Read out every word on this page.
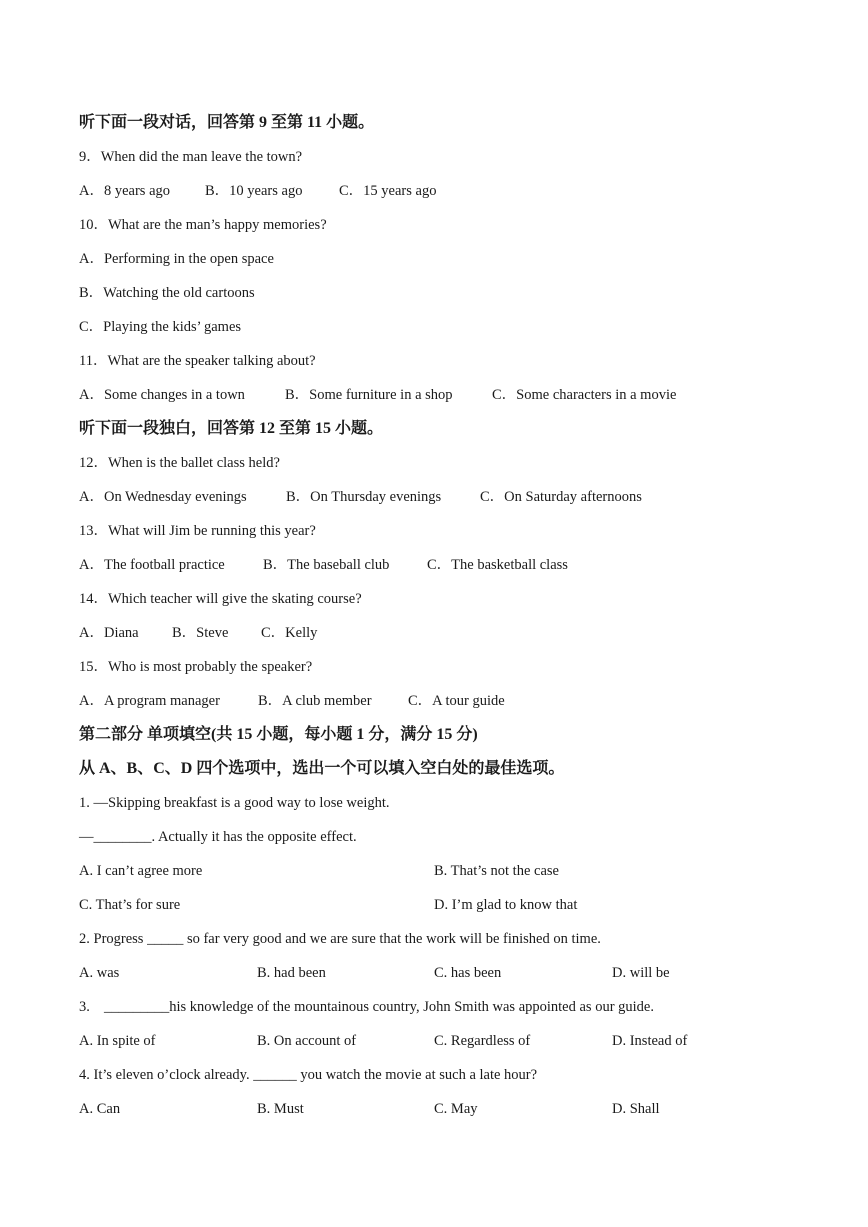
听下面一段对话，回答第 9 至第 11 小题。
9．When did the man leave the town?
A．8 years ago B．10 years ago	C．15 years ago
10．What are the man’s happy memories?
A．Performing in the open space
B．Watching the old cartoons
C．Playing the kids’ games
11．What are the speaker talking about?
A．Some changes in a town	B．Some furniture in a shop	C．Some characters in a movie
听下面一段独白，回答第 12 至第 15 小题。
12．When is the ballet class held?
A．On Wednesday evenings	B．On Thursday evenings	C．On Saturday afternoons
13．What will Jim be running this year?
A．The football practice	B．The baseball club	C．The basketball class
14．Which teacher will give the skating course?
A．Diana B．Steve C．Kelly
15．Who is most probably the speaker?
A．A program manager	B．A club member	C．A tour guide
第二部分 单项填空(共 15 小题，每小题 1 分，满分 15 分)
从 A、B、C、D 四个选项中，选出一个可以填入空白处的最佳选项。
1. —Skipping breakfast is a good way to lose weight.
—________. Actually it has the opposite effect.
A. I can’t agree more	B. That’s not the case
C. That’s for sure	D. I’m glad to know that
2. Progress _____ so far very good and we are sure that the work will be finished on time.
A. was	B. had been	C. has been	D. will be
3. _________his knowledge of the mountainous country, John Smith was appointed as our guide.
A. In spite of	B. On account of	C. Regardless of	D. Instead of
4. It’s eleven o’clock already. ______ you watch the movie at such a late hour?
A. Can	B. Must	C. May	D. Shall
